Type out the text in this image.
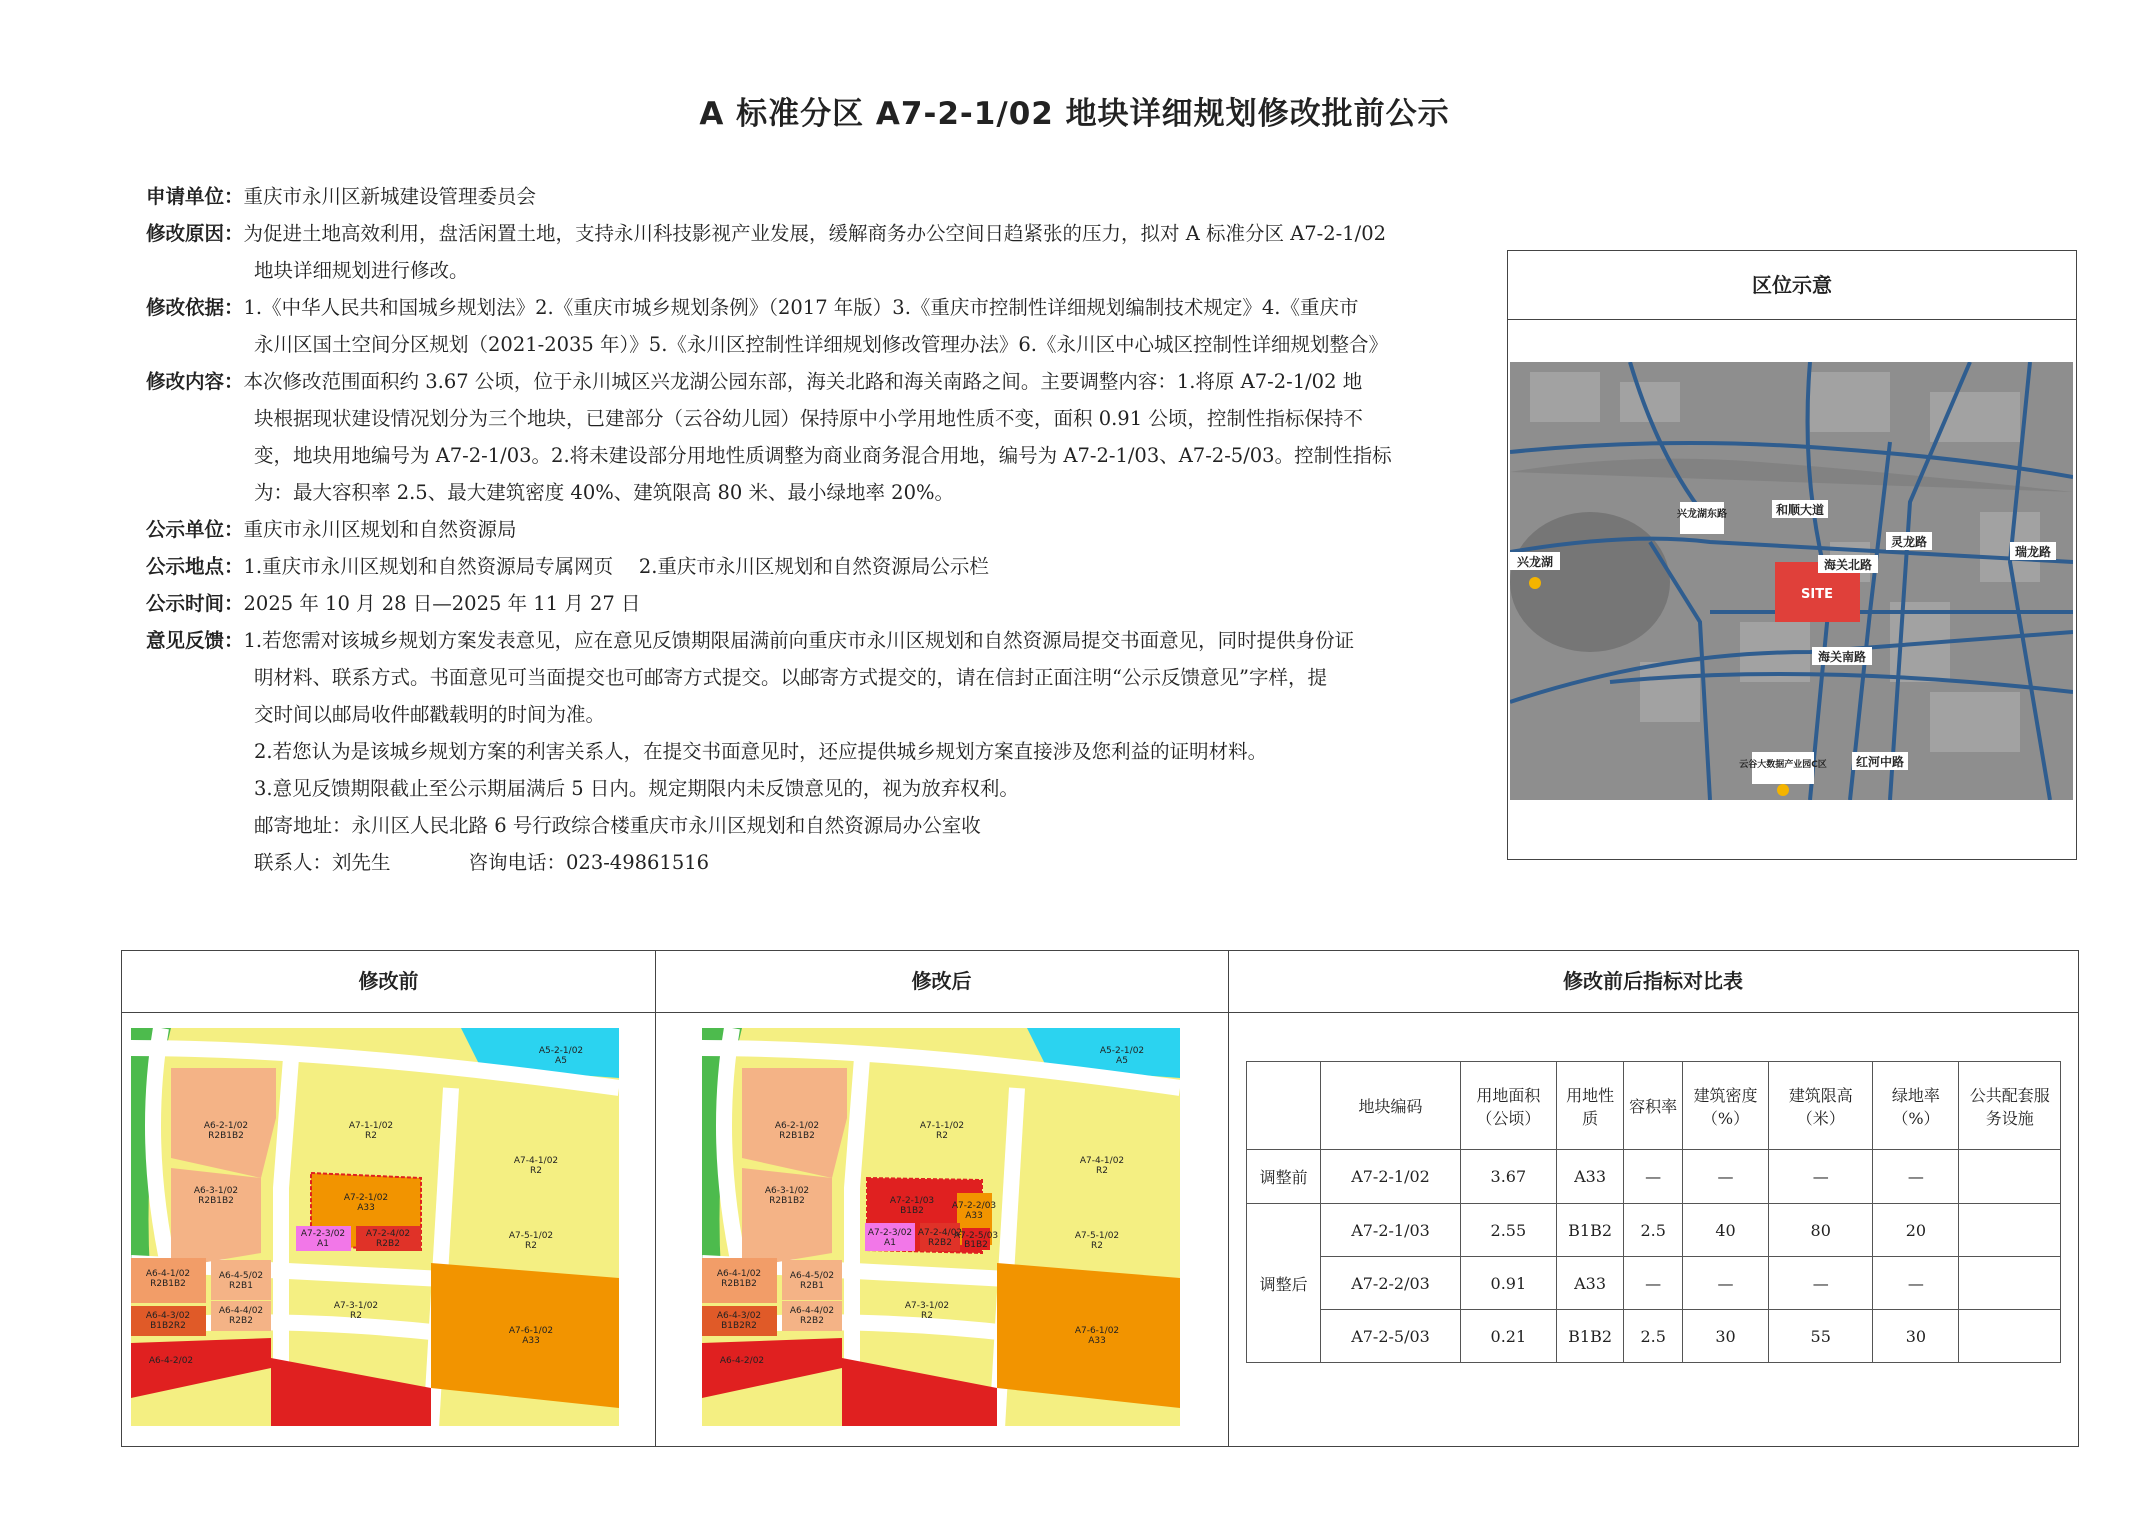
A 标准分区 A7-2-1/02 地块详细规划修改批前公示
申请单位： 重庆市永川区新城建设管理委员会
修改原因： 为促进土地高效利用，盘活闲置土地，支持永川科技影视产业发展，缓解商务办公空间日趋紧张的压力，拟对 A 标准分区 A7-2-1/02
地块详细规划进行修改。
修改依据： 1.《中华人民共和国城乡规划法》2.《重庆市城乡规划条例》（2017 年版）3.《重庆市控制性详细规划编制技术规定》4.《重庆市
永川区国土空间分区规划（2021-2035 年）》5.《永川区控制性详细规划修改管理办法》6.《永川区中心城区控制性详细规划整合》
修改内容： 本次修改范围面积约 3.67 公顷，位于永川城区兴龙湖公园东部，海关北路和海关南路之间。主要调整内容：1.将原 A7-2-1/02 地
块根据现状建设情况划分为三个地块，已建部分（云谷幼儿园）保持原中小学用地性质不变，面积 0.91 公顷，控制性指标保持不
变，地块用地编号为 A7-2-1/03。2.将未建设部分用地性质调整为商业商务混合用地，编号为 A7-2-1/03、A7-2-5/03。控制性指标
为：最大容积率 2.5、最大建筑密度 40%、建筑限高 80 米、最小绿地率 20%。
公示单位： 重庆市永川区规划和自然资源局
公示地点： 1.重庆市永川区规划和自然资源局专属网页　 2.重庆市永川区规划和自然资源局公示栏
公示时间： 2025 年 10 月 28 日—2025 年 11 月 27 日
意见反馈： 1.若您需对该城乡规划方案发表意见，应在意见反馈期限届满前向重庆市永川区规划和自然资源局提交书面意见，同时提供身份证
明材料、联系方式。书面意见可当面提交也可邮寄方式提交。以邮寄方式提交的，请在信封正面注明“公示反馈意见”字样，提
交时间以邮局收件邮戳载明的时间为准。
2.若您认为是该城乡规划方案的利害关系人，在提交书面意见时，还应提供城乡规划方案直接涉及您利益的证明材料。
3.意见反馈期限截止至公示期届满后 5 日内。规定期限内未反馈意见的，视为放弃权利。
邮寄地址：永川区人民北路 6 号行政综合楼重庆市永川区规划和自然资源局办公室收
联系人：刘先生　　　　咨询电话：023-49861516
区位示意
兴龙湖东路	和顺大道
灵龙路
瑞龙路
兴龙湖	海关北路
SITE
海关南路
云谷大数据产业园C区 红河中路
修改前	修改后	修改前后指标对比表
A5-2-1/02
A5
A6-2-1/02
R2B1B2
A7-1-1/02
R2
A7-4-1/02
R2
A6-3-1/02
R2B1B2	A7-2-1/02
A33
A7-5-1/02
R2
A7-2-3/02
A1
A7-2-4/02
R2B2
A6-4-1/02
R2B1B2
A6-4-5/02
R2B1
A6-4-4/02
R2B2
A6-4-3/02
B1B2R2
A7-3-1/02
R2
A7-6-1/02
A33
A6-4-2/02
A5-2-1/02
A5
A6-2-1/02
R2B1B2
A7-1-1/02
R2
A7-4-1/02
R2
A6-3-1/02
R2B1B2	A7-2-1/03
B1B2	A7-2-2/03
A33
A7-5-1/02
R2
A7-2-3/02
A1
A7-2-4/02
R2B2
A7-2-5/03
B1B2
A6-4-1/02
R2B1B2
A6-4-5/02
R2B1
A6-4-4/02
R2B2
A6-4-3/02
B1B2R2
A7-3-1/02
R2
A7-6-1/02
A33
A6-4-2/02
	地块编码	用地面积（公顷）	用地性质	容积率	建筑密度（%）	建筑限高（米）	绿地率（%）	公共配套服务设施
调整前	A7-2-1/02	3.67	A33	—	—	—	—	
调整后	A7-2-1/03	2.55	B1B2	2.5	40	80	20	
	A7-2-2/03	0.91	A33	—	—	—	—	
	A7-2-5/03	0.21	B1B2	2.5	30	55	30	
